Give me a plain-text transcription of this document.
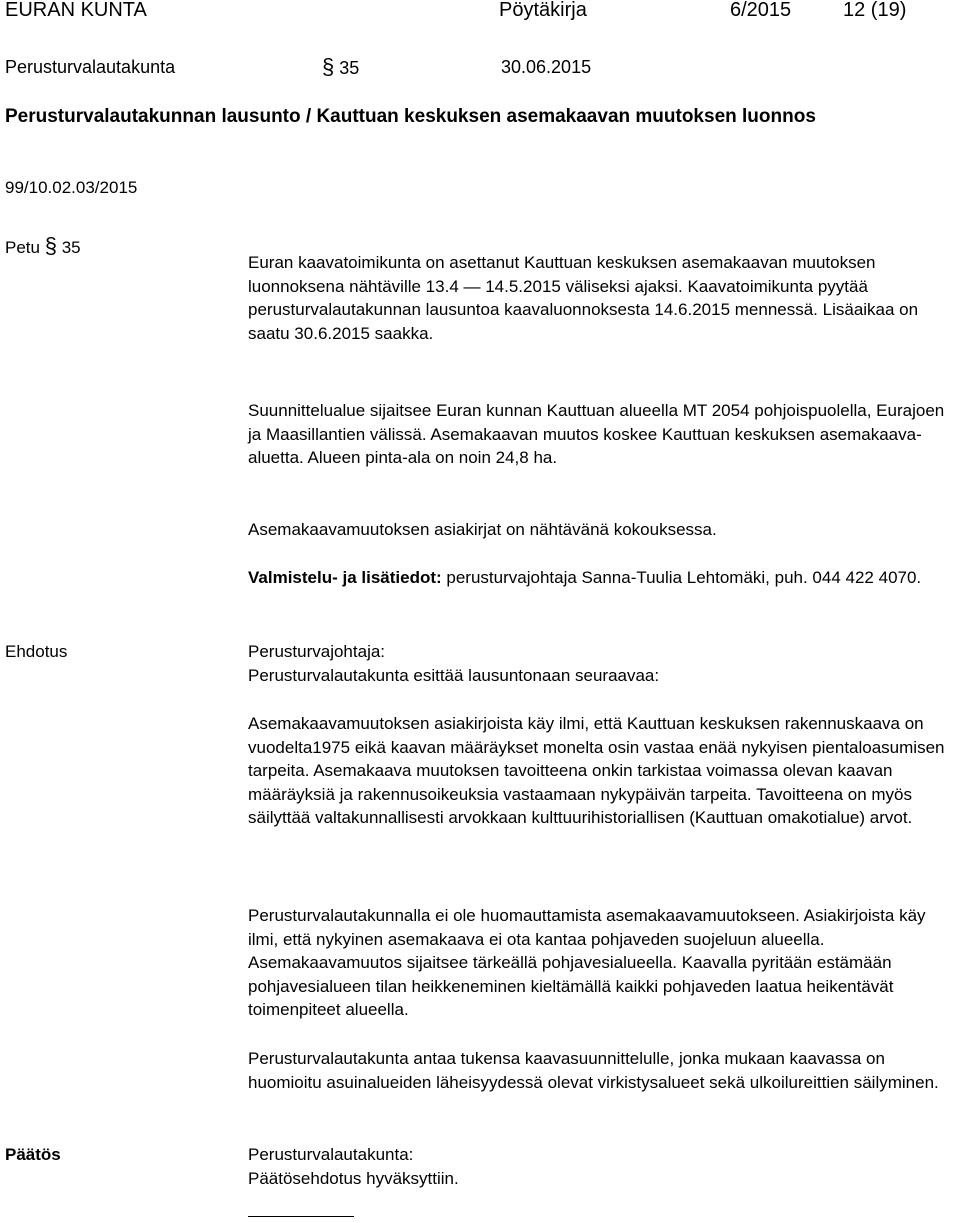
EURAN KUNTA	Pöytäkirja	6/2015	12 (19)
Perusturvalautakunta	§ 35	30.06.2015
Perusturvalautakunnan lausunto / Kauttuan keskuksen asemakaavan muutoksen luonnos
99/10.02.03/2015
Petu § 35

Euran kaavatoimikunta on asettanut Kauttuan keskuksen asemakaavan muutoksen luonnoksena nähtäville 13.4 — 14.5.2015 väliseksi ajaksi. Kaavatoimikunta pyytää perusturvalautakunnan lausuntoa kaavaluonnoksesta 14.6.2015 mennessä. Lisäaikaa on saatu 30.6.2015 saakka.

Suunnittelualue sijaitsee Euran kunnan Kauttuan alueella MT 2054 pohjoispuolella, Eurajoen ja Maasillantien välissä. Asemakaavan muutos koskee Kauttuan keskuksen asemakaava-aluetta. Alueen pinta-ala on noin 24,8 ha.

Asemakaavamuutoksen asiakirjat on nähtävänä kokouksessa.

Valmistelu- ja lisätiedot: perusturvajohtaja Sanna-Tuulia Lehtomäki, puh. 044 422 4070.

Ehdotus	Perusturvajohtaja:

Perusturvalautakunta esittää lausuntonaan seuraavaa:

Asemakaavamuutoksen asiakirjoista käy ilmi, että Kauttuan keskuksen rakennuskaava on vuodelta1975 eikä kaavan määräykset monelta osin vastaa enää nykyisen pientaloasumisen tarpeita. Asemakaava muutoksen tavoitteena onkin tarkistaa voimassa olevan kaavan määräyksiä ja rakennusoikeuksia vastaamaan nykypäivän tarpeita. Tavoitteena on myös säilyttää valtakunnallisesti arvokkaan kulttuurihistoriallisen (Kauttuan omakotialue) arvot.

Perusturvalautakunnalla ei ole huomauttamista asemakaavamuutokseen. Asiakirjoista käy ilmi, että nykyinen asemakaava ei ota kantaa pohjaveden suojeluun alueella. Asemakaavamuutos sijaitsee tärkeällä pohjavesialueella. Kaavalla pyritään estämään pohjavesialueen tilan heikkeneminen kieltämällä kaikki pohjaveden laatua heikentävät toimenpiteet alueella.

Perusturvalautakunta antaa tukensa kaavasuunnittelulle, jonka mukaan kaavassa on huomioitu asuinalueiden läheisyydessä olevat virkistysalueet sekä ulkoilureittien säilyminen.

Päätös	Perusturvalautakunta:

Päätösehdotus hyväksyttiin.
